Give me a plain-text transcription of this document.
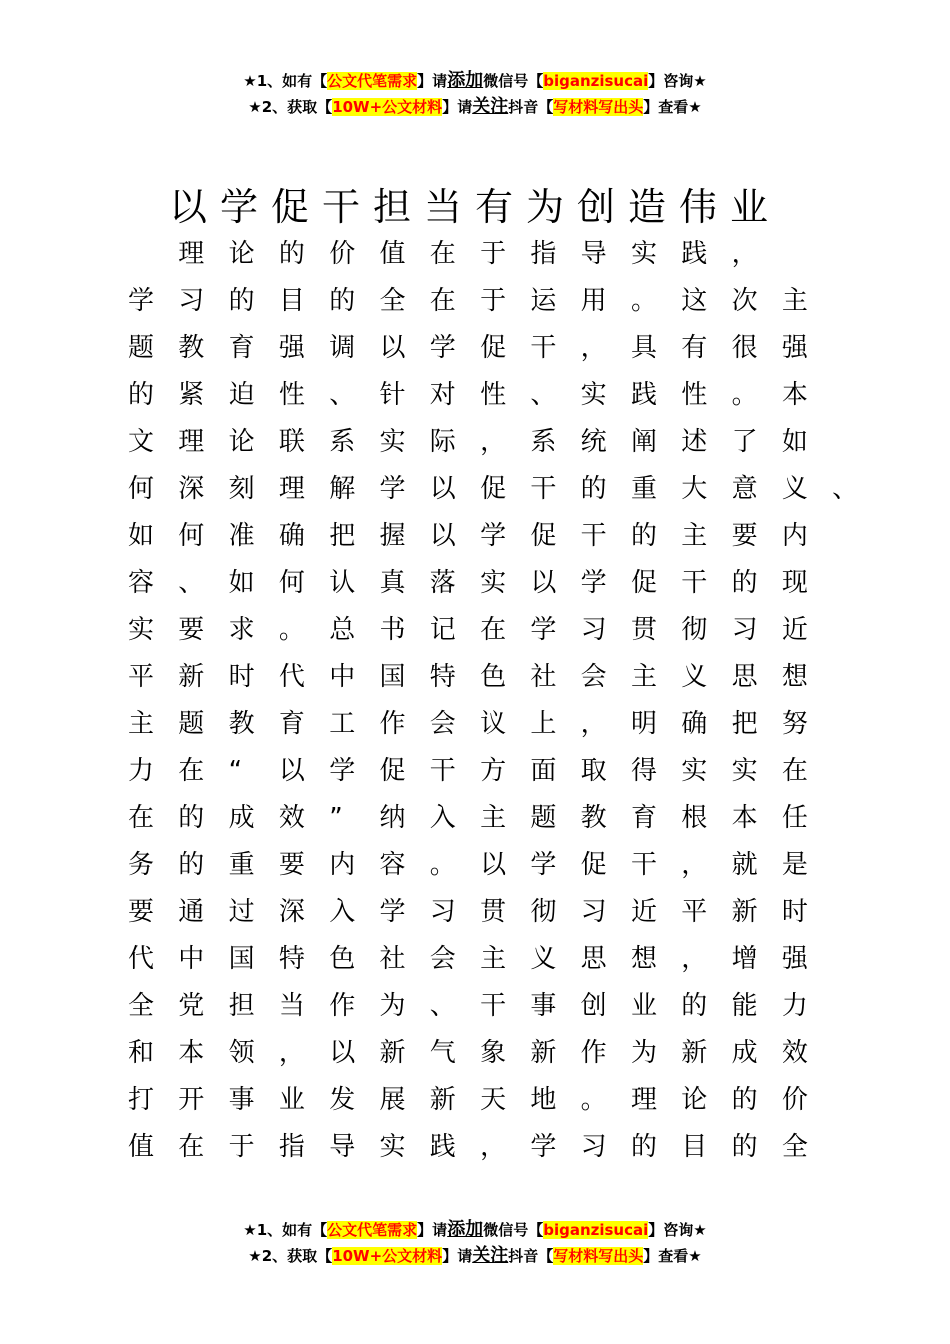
★1、如有【公文代笔需求】请添加微信号【biganzisucai】咨询★
★2、获取【10W+公文材料】请关注抖音【写材料写出头】查看★
以学促干担当有为创造伟业
　理 论 的 价 值 在 于 指 导 实 践 ，
学 习 的 目 的 全 在 于 运 用 。 这 次 主
题 教 育 强 调 以 学 促 干 ， 具 有 很 强
的 紧 迫 性 、 针 对 性 、 实 践 性 。 本
文 理 论 联 系 实 际 ， 系 统 阐 述 了 如
何 深 刻 理 解 学 以 促 干 的 重 大 意 义 、
如 何 准 确 把 握 以 学 促 干 的 主 要 内
容 、 如 何 认 真 落 实 以 学 促 干 的 现
实 要 求 。 总 书 记 在 学 习 贯 彻 习 近
平 新 时 代 中 国 特 色 社 会 主 义 思 想
主 题 教 育 工 作 会 议 上 ， 明 确 把 努
力 在 “ 以 学 促 干 方 面 取 得 实 实 在
在 的 成 效 ” 纳 入 主 题 教 育 根 本 任
务 的 重 要 内 容 。 以 学 促 干 ， 就 是
要 通 过 深 入 学 习 贯 彻 习 近 平 新 时
代 中 国 特 色 社 会 主 义 思 想 ， 增 强
全 党 担 当 作 为 、 干 事 创 业 的 能 力
和 本 领 ， 以 新 气 象 新 作 为 新 成 效
打 开 事 业 发 展 新 天 地 。 理 论 的 价
值 在 于 指 导 实 践 ， 学 习 的 目 的 全
★1、如有【公文代笔需求】请添加微信号【biganzisucai】咨询★
★2、获取【10W+公文材料】请关注抖音【写材料写出头】查看★
